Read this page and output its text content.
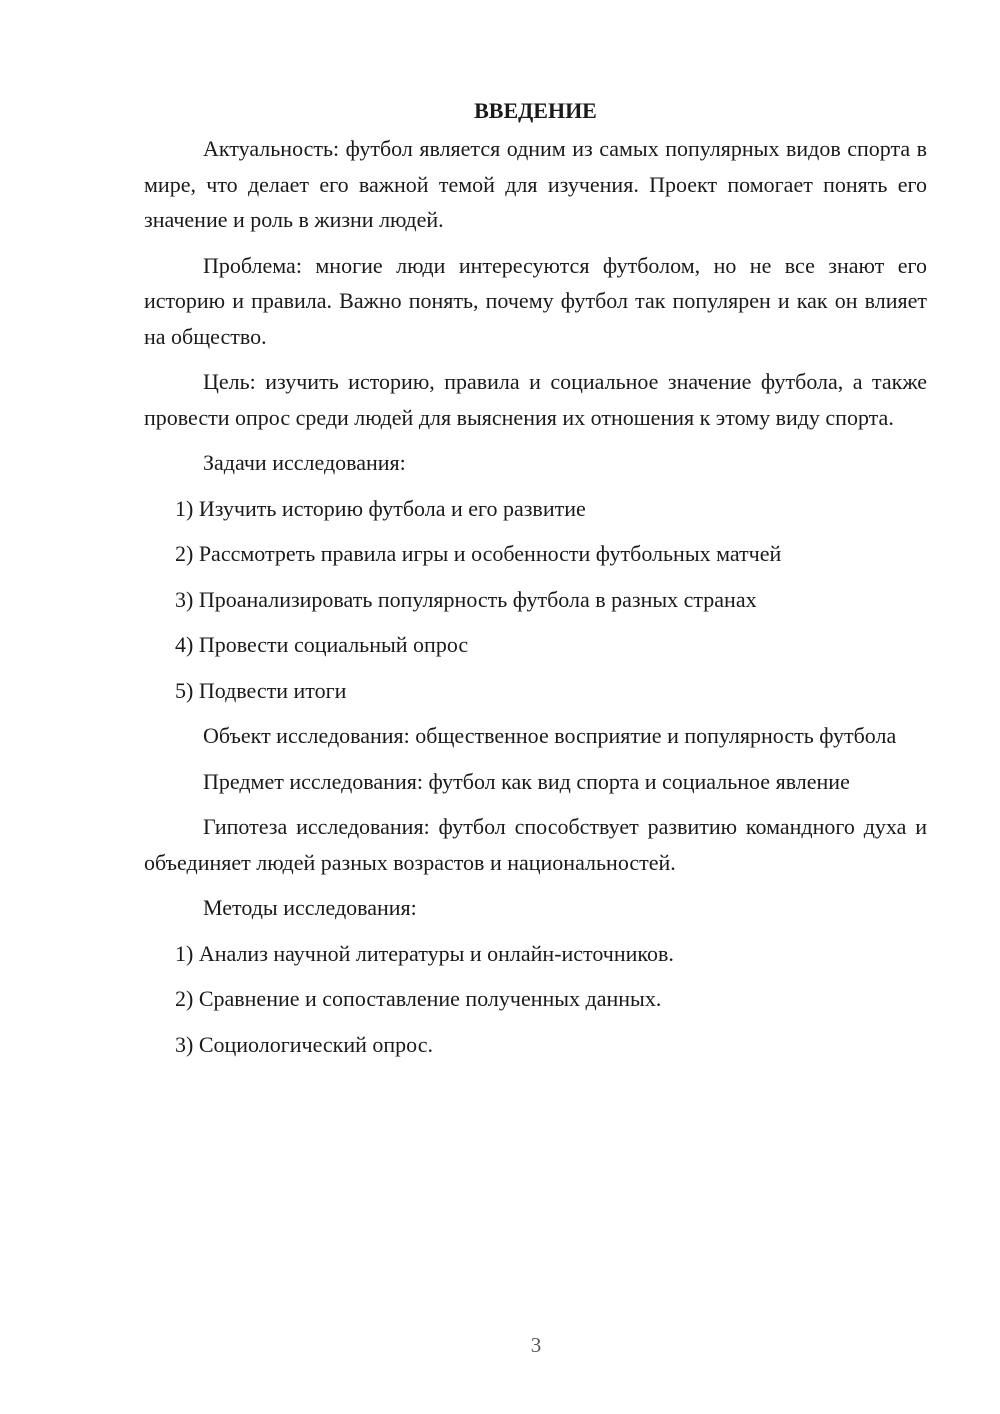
ВВЕДЕНИЕ

Актуальность: футбол является одним из самых популярных видов спорта в мире, что делает его важной темой для изучения. Проект помогает понять его значение и роль в жизни людей.

Проблема: многие люди интересуются футболом, но не все знают его историю и правила. Важно понять, почему футбол так популярен и как он влияет на общество.

Цель: изучить историю, правила и социальное значение футбола, а также провести опрос среди людей для выяснения их отношения к этому виду спорта.

Задачи исследования:
1) Изучить историю футбола и его развитие
2) Рассмотреть правила игры и особенности футбольных матчей
3) Проанализировать популярность футбола в разных странах
4) Провести социальный опрос
5) Подвести итоги

Объект исследования: общественное восприятие и популярность футбола

Предмет исследования: футбол как вид спорта и социальное явление

Гипотеза исследования: футбол способствует развитию командного духа и объединяет людей разных возрастов и национальностей.

Методы исследования:
1) Анализ научной литературы и онлайн-источников.
2) Сравнение и сопоставление полученных данных.
3) Социологический опрос.
3
